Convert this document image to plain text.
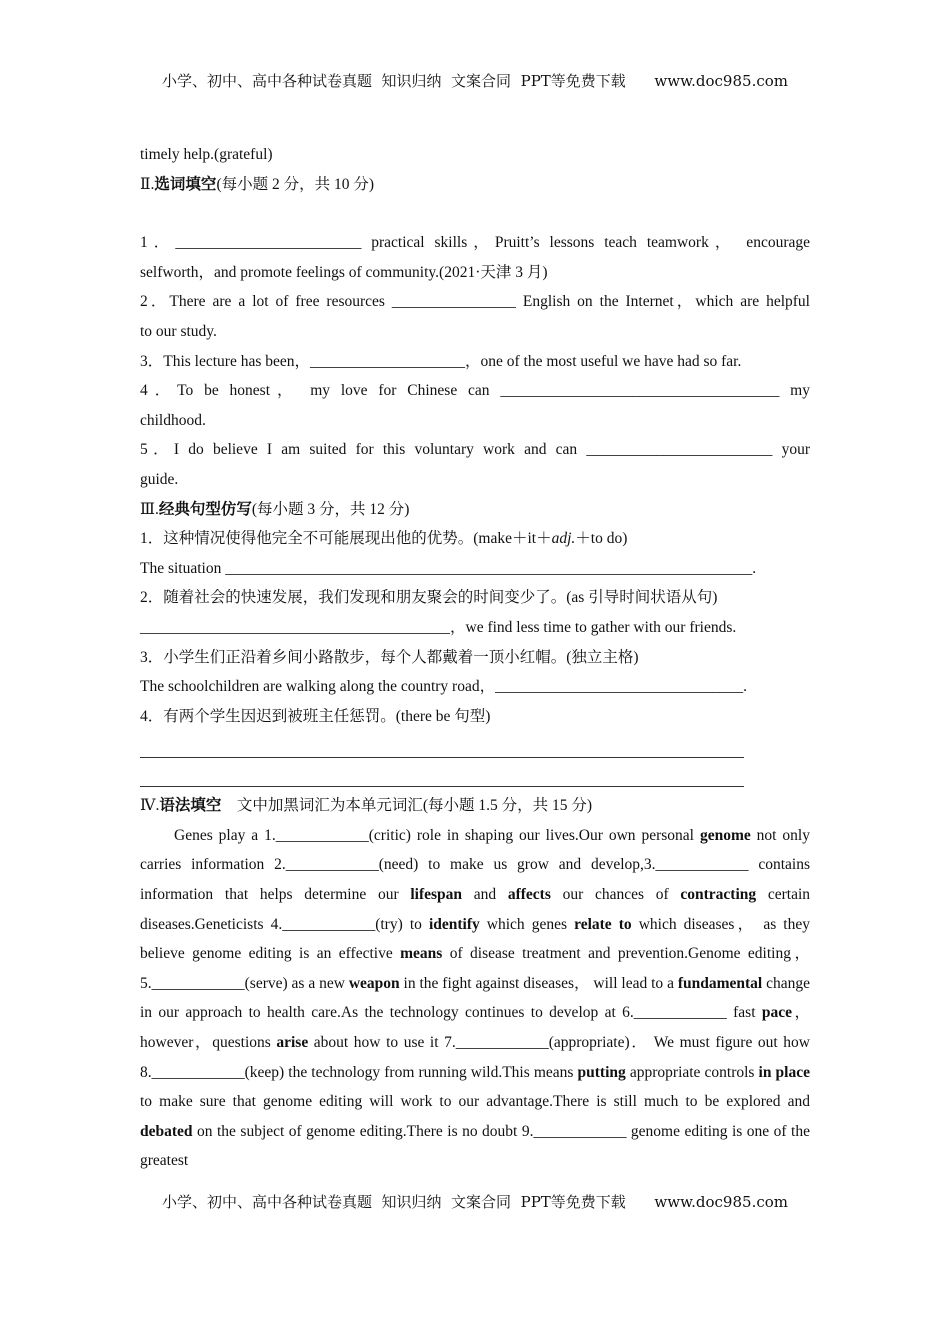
小学、初中、高中各种试卷真题  知识归纳  文案合同  PPT等免费下载      www.doc985.com

timely help.(grateful)

Ⅱ.选词填空(每小题 2 分，共 10 分)

1．________________________ practical skills，Pruitt’s lessons teach teamwork， encourage

selfworth，and promote feelings of community.(2021·天津 3 月)

2．There are a lot of free resources ________________ English on the Internet，which are helpful

to our study.

3．This lecture has been，____________________，one of the most useful we have had so far.

4．To be honest， my love for Chinese can ____________________________________ my

childhood.

5．I do believe I am suited for this voluntary work and can ________________________ your

guide.

Ⅲ.经典句型仿写(每小题 3 分，共 12 分)

1．这种情况使得他完全不可能展现出他的优势。(make＋it＋adj.＋to do)

The situation ____________________________________________________________________.

2．随着社会的快速发展，我们发现和朋友聚会的时间变少了。(as 引导时间状语从句)

________________________________________，we find less time to gather with our friends.

3．小学生们正沿着乡间小路散步，每个人都戴着一顶小红帽。(独立主格)

The schoolchildren are walking along the country road，________________________________.

4．有两个学生因迟到被班主任惩罚。(there be 句型)

Ⅳ.语法填空　文中加黑词汇为本单元词汇(每小题 1.5 分，共 15 分)

Genes play a 1.____________(critic) role in shaping our lives.Our own personal genome not only carries information 2.____________(need) to make us grow and develop,3.____________ contains information that helps determine our lifespan and affects our chances of contracting certain diseases.Geneticists 4.____________(try) to identify which genes relate to which diseases， as they believe genome editing is an effective means of disease treatment and prevention.Genome editing， 5.____________(serve) as a new weapon in the fight against diseases， will lead to a fundamental change in our approach to health care.As the technology continues to develop at 6.____________ fast pace，however，questions arise about how to use it 7.____________(appropriate)． We must figure out how 8.____________(keep) the technology from running wild.This means putting appropriate controls in place to make sure that genome editing will work to our advantage.There is still much to be explored and debated on the subject of genome editing.There is no doubt 9.____________ genome editing is one of the greatest

小学、初中、高中各种试卷真题  知识归纳  文案合同  PPT等免费下载      www.doc985.com
